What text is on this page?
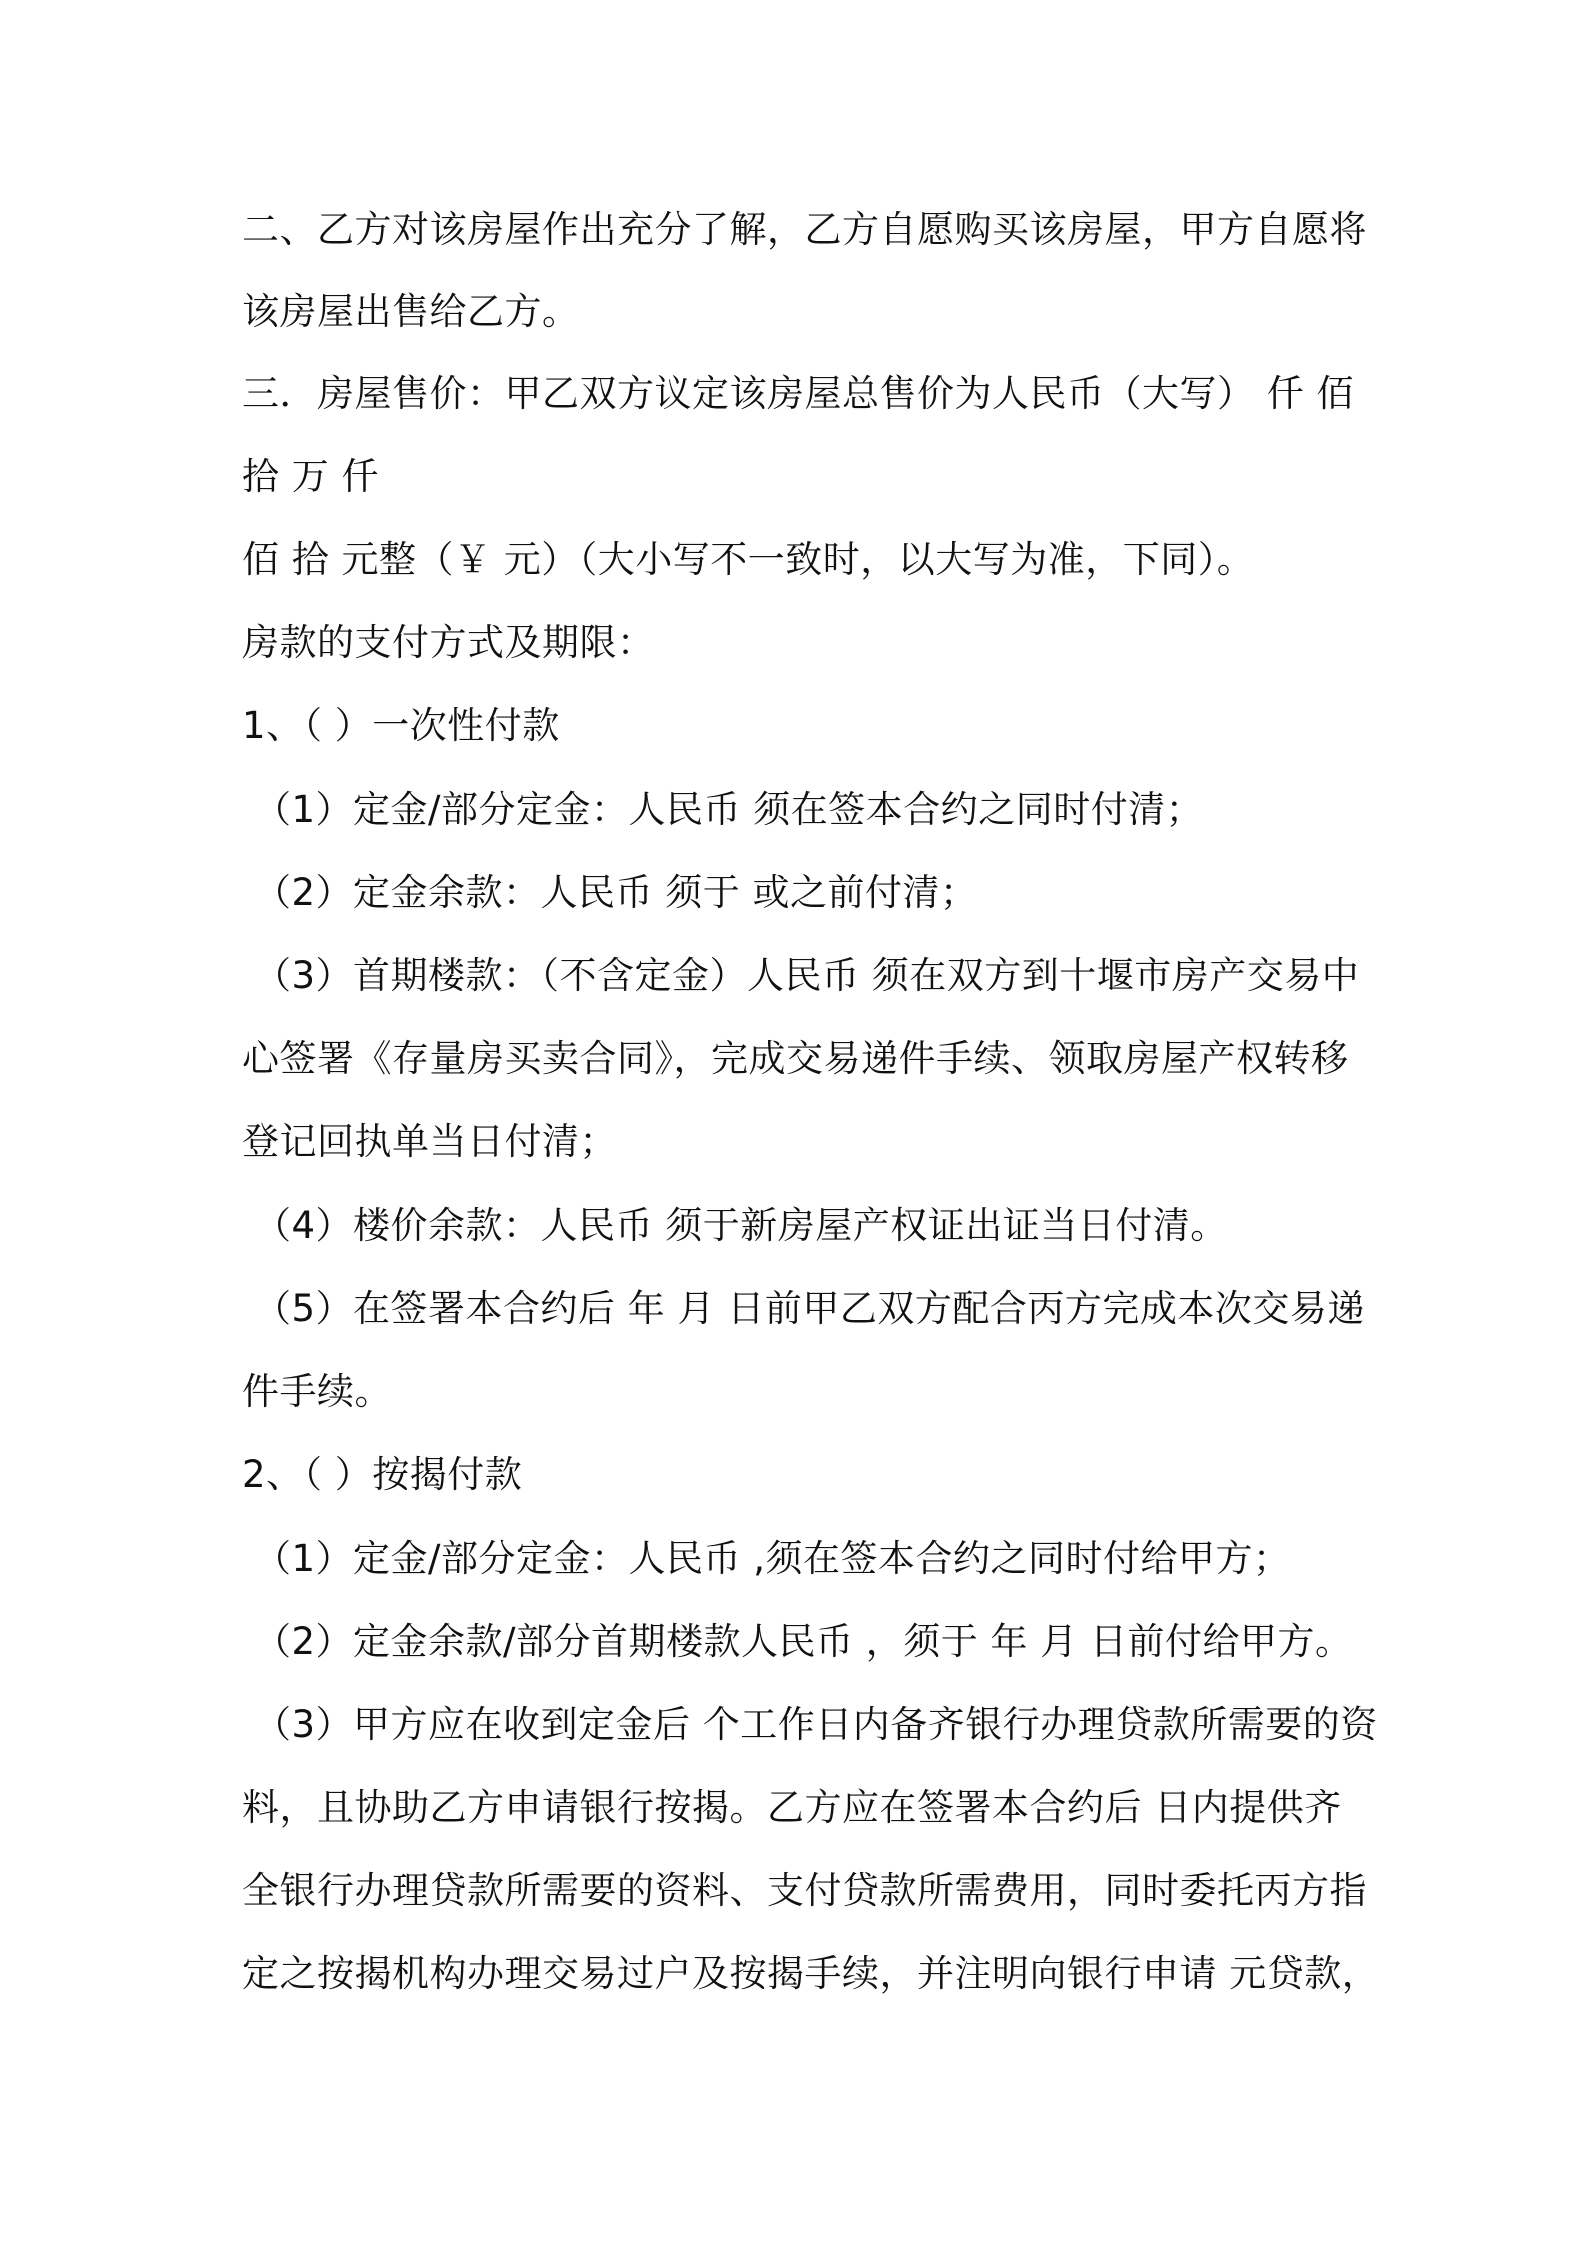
二、乙方对该房屋作出充分了解，乙方自愿购买该房屋，甲方自愿将
该房屋出售给乙方。
三．房屋售价：甲乙双方议定该房屋总售价为人民币（大写） 仟 佰
拾 万 仟
佰 拾 元整（￥ 元）（大小写不一致时，以大写为准，下同）。
房款的支付方式及期限：
1、（ ）一次性付款
（1）定金/部分定金：人民币 须在签本合约之同时付清；
（2）定金余款：人民币 须于 或之前付清；
（3）首期楼款：（不含定金）人民币 须在双方到十堰市房产交易中
心签署《存量房买卖合同》，完成交易递件手续、领取房屋产权转移
登记回执单当日付清；
（4）楼价余款：人民币 须于新房屋产权证出证当日付清。
（5）在签署本合约后 年 月 日前甲乙双方配合丙方完成本次交易递
件手续。
2、（ ）按揭付款
（1）定金/部分定金：人民币 ,须在签本合约之同时付给甲方；
（2）定金余款/部分首期楼款人民币 ，须于 年 月 日前付给甲方。
（3）甲方应在收到定金后 个工作日内备齐银行办理贷款所需要的资
料，且协助乙方申请银行按揭。乙方应在签署本合约后 日内提供齐
全银行办理贷款所需要的资料、支付贷款所需费用，同时委托丙方指
定之按揭机构办理交易过户及按揭手续，并注明向银行申请 元贷款，
